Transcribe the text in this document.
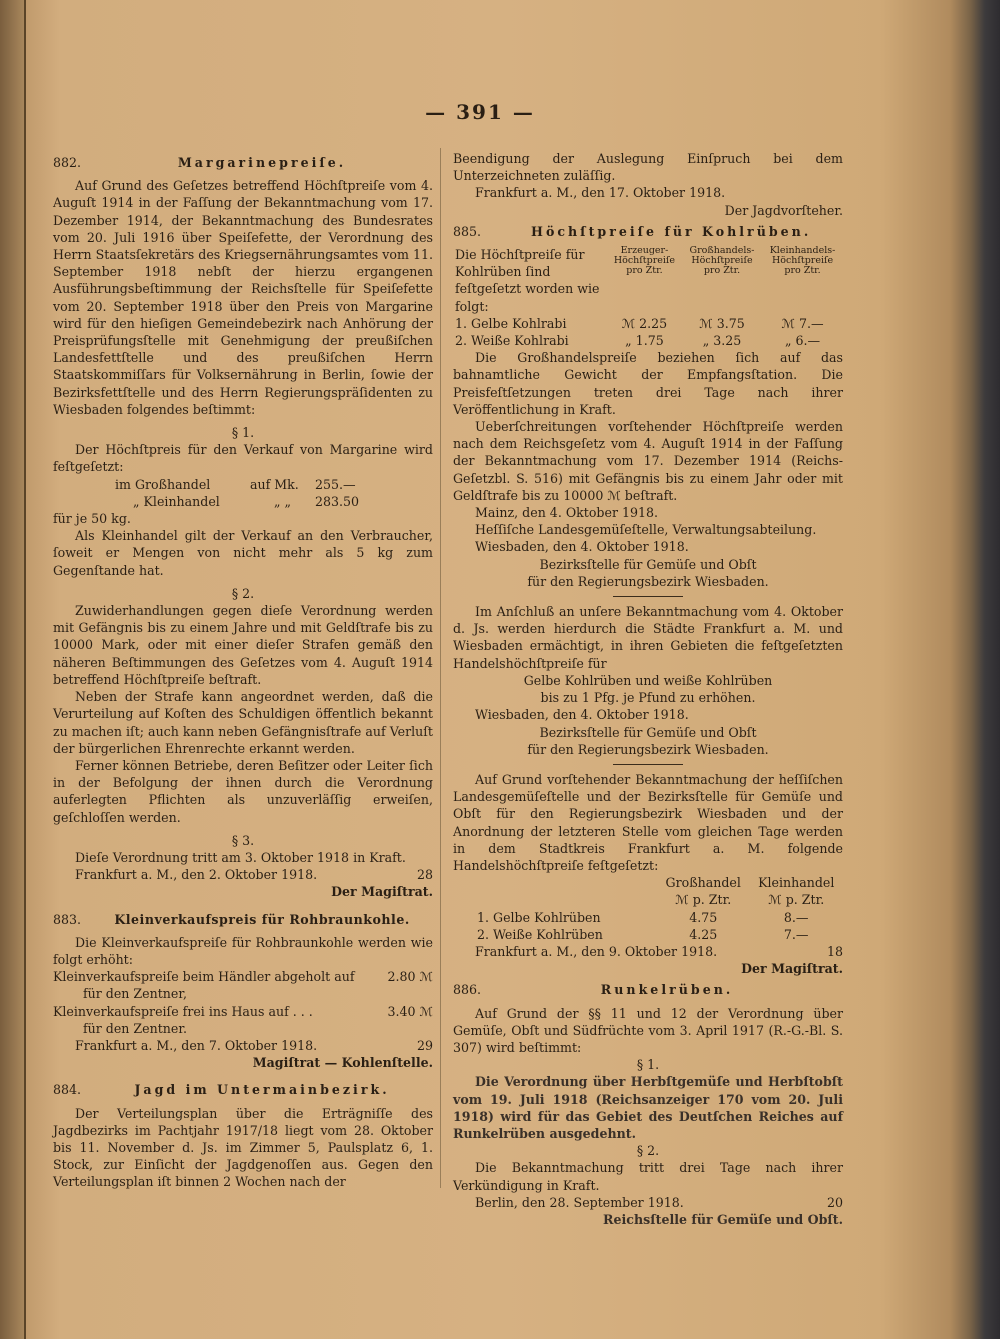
— 391 —
882.	Margarinepreiſe.

Auf Grund des Geſetzes betreffend Höchſtpreiſe vom 4. Auguſt 1914 in der Faſſung der Bekanntmachung vom 17. Dezember 1914, der Bekanntmachung des Bundesrates vom 20. Juli 1916 über Speiſefette, der Verordnung des Herrn Staatsſekretärs des Kriegsernährungsamtes vom 11. September 1918 nebſt der hierzu ergangenen Ausführungsbeſtimmung der Reichsſtelle für Speiſefette vom 20. September 1918 über den Preis von Margarine wird für den hieſigen Gemeindebezirk nach Anhörung der Preisprüfungsſtelle mit Genehmigung der preußiſchen Landesfettſtelle und des preußiſchen Herrn Staatskommiſſars für Volksernährung in Berlin, ſowie der Bezirksfettſtelle und des Herrn Regierungspräſidenten zu Wiesbaden folgendes beſtimmt:

§ 1.

Der Höchſtpreis für den Verkauf von Margarine wird feſtgeſetzt:

im Großhandel	auf Mk.	255.—
„ Kleinhandel	„ „	283.50

für je 50 kg.

Als Kleinhandel gilt der Verkauf an den Verbraucher, ſoweit er Mengen von nicht mehr als 5 kg zum Gegenſtande hat.

§ 2.

Zuwiderhandlungen gegen dieſe Verordnung werden mit Gefängnis bis zu einem Jahre und mit Geldſtrafe bis zu 10000 Mark, oder mit einer dieſer Strafen gemäß den näheren Beſtimmungen des Geſetzes vom 4. Auguſt 1914 betreffend Höchſtpreiſe beſtraft.

Neben der Strafe kann angeordnet werden, daß die Verurteilung auf Koſten des Schuldigen öffentlich bekannt zu machen iſt; auch kann neben Gefängnisſtrafe auf Verluſt der bürgerlichen Ehrenrechte erkannt werden.

Ferner können Betriebe, deren Beſitzer oder Leiter ſich in der Befolgung der ihnen durch die Verordnung auferlegten Pflichten als unzuverläſſig erweiſen, geſchloſſen werden.

§ 3.

Dieſe Verordnung tritt am 3. Oktober 1918 in Kraft.

Frankfurt a. M., den 2. Oktober 1918.	28

Der Magiſtrat.

883.	Kleinverkaufspreis für Rohbraunkohle.

Die Kleinverkaufspreiſe für Rohbraunkohle werden wie folgt erhöht:

Kleinverkaufspreiſe beim Händler abgeholt auf	2.80 ℳ

für den Zentner,

Kleinverkaufspreiſe frei ins Haus auf . . .	3.40 ℳ

für den Zentner.

Frankfurt a. M., den 7. Oktober 1918.	29

Magiſtrat — Kohlenſtelle.

884.	Jagd im Untermainbezirk.

Der Verteilungsplan über die Erträgniſſe des Jagdbezirks im Pachtjahr 1917/18 liegt vom 28. Oktober bis 11. November d. Js. im Zimmer 5, Paulsplatz 6, 1. Stock, zur Einſicht der Jagdgenoſſen aus. Gegen den Verteilungsplan iſt binnen 2 Wochen nach der

Beendigung der Auslegung Einſpruch bei dem Unterzeichneten zuläſſig.

Frankfurt a. M., den 17. Oktober 1918.

Der Jagdvorſteher.

885.	Höchſtpreiſe für Kohlrüben.
Die Höchſtpreiſe für Kohlrüben ſind feſtgeſetzt worden wie folgt:	Erzeuger-Höchſtpreiſe pro Ztr.	Großhandels-Höchſtpreiſe pro Ztr.	Kleinhandels-Höchſtpreiſe pro Ztr.
1. Gelbe Kohlrabi	ℳ 2.25	ℳ 3.75	ℳ 7.—
2. Weiße Kohlrabi	„ 1.75	„ 3.25	„ 6.—

Die Großhandelspreiſe beziehen ſich auf das bahnamtliche Gewicht der Empfangsſtation. Die Preisfeſtſetzungen treten drei Tage nach ihrer Veröffentlichung in Kraft.

Ueberſchreitungen vorſtehender Höchſtpreiſe werden nach dem Reichsgeſetz vom 4. Auguſt 1914 in der Faſſung der Bekanntmachung vom 17. Dezember 1914 (Reichs-Geſetzbl. S. 516) mit Gefängnis bis zu einem Jahr oder mit Geldſtrafe bis zu 10000 ℳ beſtraft.

Mainz, den 4. Oktober 1918.

Heſſiſche Landesgemüſeſtelle, Verwaltungsabteilung.

Wiesbaden, den 4. Oktober 1918.

Bezirksſtelle für Gemüſe und Obſt

für den Regierungsbezirk Wiesbaden.

Im Anſchluß an unſere Bekanntmachung vom 4. Oktober d. Js. werden hierdurch die Städte Frankfurt a. M. und Wiesbaden ermächtigt, in ihren Gebieten die feſtgeſetzten Handelshöchſtpreiſe für

Gelbe Kohlrüben und weiße Kohlrüben

bis zu 1 Pfg. je Pfund zu erhöhen.

Wiesbaden, den 4. Oktober 1918.

Bezirksſtelle für Gemüſe und Obſt

für den Regierungsbezirk Wiesbaden.

Auf Grund vorſtehender Bekanntmachung der heſſiſchen Landesgemüſeſtelle und der Bezirksſtelle für Gemüſe und Obſt für den Regierungsbezirk Wiesbaden und der Anordnung der letzteren Stelle vom gleichen Tage werden in dem Stadtkreis Frankfurt a. M. folgende Handelshöchſtpreiſe feſtgeſetzt:

	Großhandel	Kleinhandel
	ℳ p. Ztr.	ℳ p. Ztr.
1. Gelbe Kohlrüben	4.75	8.—
2. Weiße Kohlrüben	4.25	7.—
Frankfurt a. M., den 9. Oktober 1918.	18

Der Magiſtrat.

886.	Runkelrüben.

Auf Grund der §§ 11 und 12 der Verordnung über Gemüſe, Obſt und Südfrüchte vom 3. April 1917 (R.-G.-Bl. S. 307) wird beſtimmt:

§ 1.

Die Verordnung über Herbſtgemüſe und Herbſtobſt vom 19. Juli 1918 (Reichsanzeiger 170 vom 20. Juli 1918) wird für das Gebiet des Deutſchen Reiches auf Runkelrüben ausgedehnt.

§ 2.

Die Bekanntmachung tritt drei Tage nach ihrer Verkündigung in Kraft.

Berlin, den 28. September 1918.	20

Reichsſtelle für Gemüſe und Obſt.
